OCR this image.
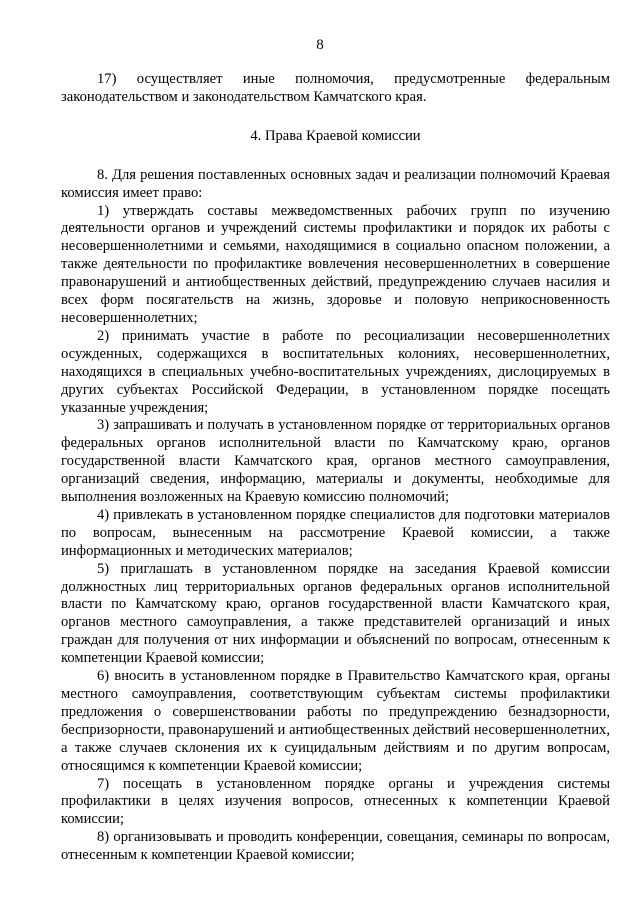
8

17) осуществляет иные полномочия, предусмотренные федеральным законодательством и законодательством Камчатского края.

4. Права Краевой комиссии

8. Для решения поставленных основных задач и реализации полномочий Краевая комиссия имеет право:

1) утверждать составы межведомственных рабочих групп по изучению деятельности органов и учреждений системы профилактики и порядок их работы с несовершеннолетними и семьями, находящимися в социально опасном положении, а также деятельности по профилактике вовлечения несовершеннолетних в совершение правонарушений и антиобщественных действий, предупреждению случаев насилия и всех форм посягательств на жизнь, здоровье и половую неприкосновенность несовершеннолетних;

2) принимать участие в работе по ресоциализации несовершеннолетних осужденных, содержащихся в воспитательных колониях, несовершеннолетних, находящихся в специальных учебно-воспитательных учреждениях, дислоцируемых в других субъектах Российской Федерации, в установленном порядке посещать указанные учреждения;

3) запрашивать и получать в установленном порядке от территориальных органов федеральных органов исполнительной власти по Камчатскому краю, органов государственной власти Камчатского края, органов местного самоуправления, организаций сведения, информацию, материалы и документы, необходимые для выполнения возложенных на Краевую комиссию полномочий;

4) привлекать в установленном порядке специалистов для подготовки материалов по вопросам, вынесенным на рассмотрение Краевой комиссии, а также информационных и методических материалов;

5) приглашать в установленном порядке на заседания Краевой комиссии должностных лиц территориальных органов федеральных органов исполнительной власти по Камчатскому краю, органов государственной власти Камчатского края, органов местного самоуправления, а также представителей организаций и иных граждан для получения от них информации и объяснений по вопросам, отнесенным к компетенции Краевой комиссии;

6) вносить в установленном порядке в Правительство Камчатского края, органы местного самоуправления, соответствующим субъектам системы профилактики предложения о совершенствовании работы по предупреждению безнадзорности, беспризорности, правонарушений и антиобщественных действий несовершеннолетних, а также случаев склонения их к суицидальным действиям и по другим вопросам, относящимся к компетенции Краевой комиссии;

7) посещать в установленном порядке органы и учреждения системы профилактики в целях изучения вопросов, отнесенных к компетенции Краевой комиссии;

8) организовывать и проводить конференции, совещания, семинары по вопросам, отнесенным к компетенции Краевой комиссии;
